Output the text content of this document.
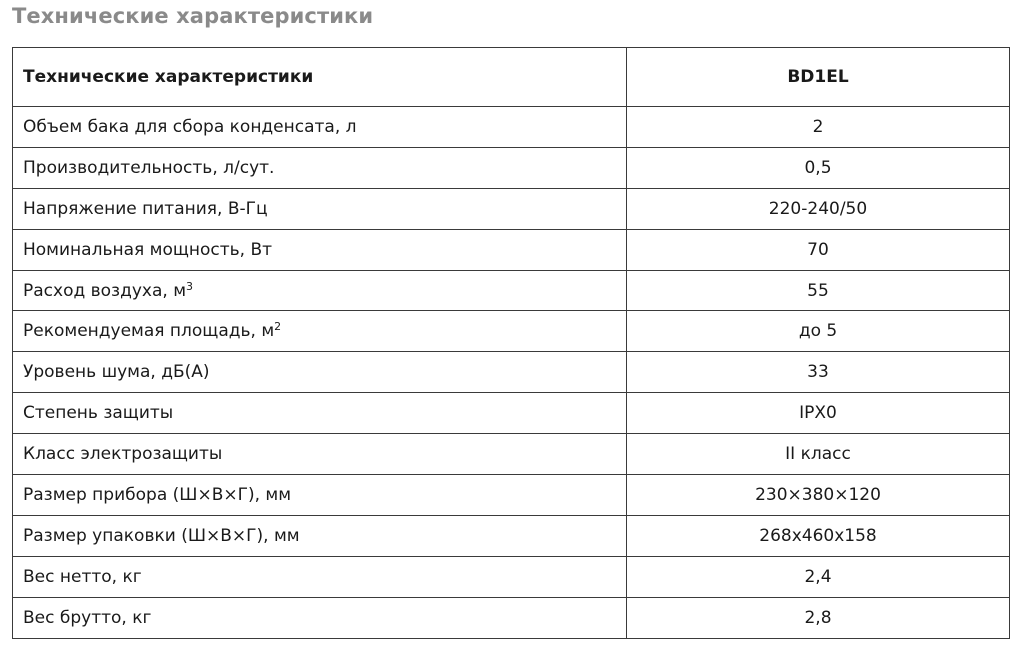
Технические характеристики
Технические характеристики	BD1EL
Объем бака для сбора конденсата, л	2
Производительность, л/сут.	0,5
Напряжение питания, В-Гц	220-240/50
Номинальная мощность, Вт	70
Расход воздуха, $м^3$	55
Рекомендуемая площадь, $м^2$	до 5
Уровень шума, дБ(А)	33
Степень защиты	IPX0
Класс электрозащиты	II класс
Размер прибора (Ш×В×Г), мм	230×380×120
Размер упаковки (Ш×В×Г), мм	268x460x158
Вес нетто, кг	2,4
Вес брутто, кг	2,8
